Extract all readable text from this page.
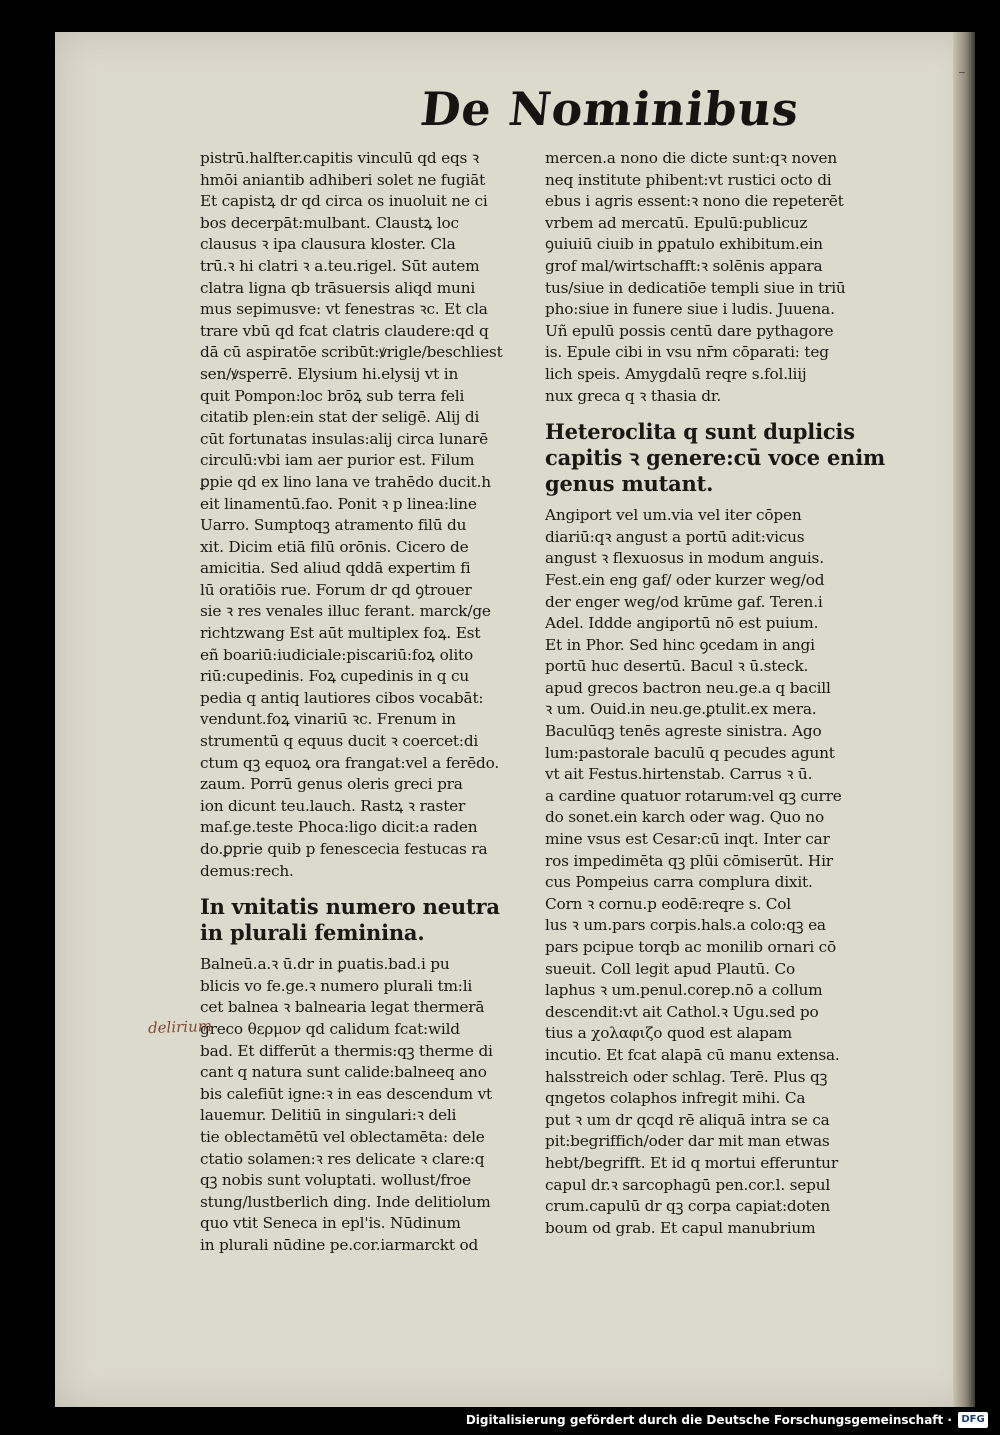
De Nominibus
pistrū.halfter.capitis vinculū qd eqs ꝛ
hmōi aniantib adhiberi solet ne fugiāt
Et capistꝝ dr qd circa os inuoluit ne ci
bos decerpāt:mulbant. Claustꝝ loc
clausus ꝛ ipa clausura kloster. Cla
trū.ꝛ hi clatri ꝛ a.teu.rigel. Sūt autem
clatra ligna qb trāsuersis aliqd muni
mus sepimusve: vt fenestras ꝛc. Et cla
trare vbū qd fcat clatris claudere:qd q
dā cū aspiratōe scribūt:ꝟrigle/beschliest
sen/ꝟsperrē. Elysium hi.elysij vt in
quit Pompon:loc brōꝝ sub terra feli
citatib plen:ein stat der seligē. Alij di
cūt fortunatas insulas:alij circa lunarē
circulū:vbi iam aer purior est. Filum
ꝑpie qd ex lino lana ve trahēdo ducit.h
eit linamentū.fao. Ponit ꝛ p linea:line
Uarro. Sumptoqꝫ atramento filū du
xit. Dicim etiā filū orōnis. Cicero de
amicitia. Sed aliud qddā expertim fi
lū oratiōis rue. Forum dr qd ꝯtrouer
sie ꝛ res venales illuc ferant. marck/ge
richtzwang Est aūt multiplex foꝝ. Est
eñ boariū:iudiciale:piscariū:foꝝ olito
riū:cupedinis. Foꝝ cupedinis in q cu
pedia q antiq lautiores cibos vocabāt:
vendunt.foꝝ vinariū ꝛc. Frenum in
strumentū q equus ducit ꝛ coercet:di
ctum qꝫ equoꝝ ora frangat:vel a ferēdo.
zaum. Porrū genus oleris greci pra
ion dicunt teu.lauch. Rastꝝ ꝛ raster
maf.ge.teste Phoca:ligo dicit:a raden
do.ꝑprie quib p fenescecia festucas ra
demus:rech.
In vnitatis numero neutra
in plurali feminina.
Balneū.a.ꝛ ū.dr in ꝑuatis.bad.i pu
blicis vo fe.ge.ꝛ numero plurali tm:li
cet balnea ꝛ balnearia legat thermerā
greco θερμον qd calidum fcat:wild
bad. Et differūt a thermis:qꝫ therme di
cant q natura sunt calide:balneeq ano
bis calefiūt igne:ꝛ in eas descendum vt
lauemur. Delitiū in singulari:ꝛ deli
tie oblectamētū vel oblectamēta: dele
ctatio solamen:ꝛ res delicate ꝛ clare:q
qꝫ nobis sunt voluptati. wollust/froe
stung/lustberlich ding. Inde delitiolum
quo vtit Seneca in epl'is. Nūdinum
in plurali nūdine pe.cor.iarmarckt od
mercen.a nono die dicte sunt:qꝛ noven
neq institute phibent:vt rustici octo di
ebus i agris essent:ꝛ nono die repeterēt
vrbem ad mercatū. Epulū:publicuz
ꝯuiuiū ciuib in ꝑpatulo exhibitum.ein
grof mal/wirtschafft:ꝛ solēnis appara
tus/siue in dedicatiōe templi siue in triū
pho:siue in funere siue i ludis. Juuena.
Uñ epulū possis centū dare pythagore
is. Epule cibi in vsu nr̄m cōparati: teg
lich speis. Amygdalū reqre s.fol.liij
nux greca q ꝛ thasia dr.
Heteroclita q sunt duplicis
capitis ꝛ genere:cū voce enim
genus mutant.
Angiport vel um.via vel iter cōpen
diariū:qꝛ angust a portū adit:vicus
angust ꝛ flexuosus in modum anguis.
Fest.ein eng gaf/ oder kurzer weg/od
der enger weg/od krūme gaf. Teren.i
Adel. Iddde angiportū nō est puium.
Et in Phor. Sed hinc ꝯcedam in angi
portū huc desertū. Bacul ꝛ ū.steck.
apud grecos bactron neu.ge.a q bacill
ꝛ um. Ouid.in neu.ge.ꝑtulit.ex mera.
Baculūqꝫ tenēs agreste sinistra. Ago
lum:pastorale baculū q pecudes agunt
vt ait Festus.hirtenstab. Carrus ꝛ ū.
a cardine quatuor rotarum:vel qꝫ curre
do sonet.ein karch oder wag. Quo no
mine vsus est Cesar:cū inqt. Inter car
ros impedimēta qꝫ plūi cōmiserūt. Hir
cus Pompeius carra complura dixit.
Corn ꝛ cornu.p eodē:reqre s. Col
lus ꝛ um.pars corpis.hals.a colo:qꝫ ea
pars pcipue torqb ac monilib ornari cō
sueuit. Coll legit apud Plautū. Co
laphus ꝛ um.penul.corep.nō a collum
descendit:vt ait Cathol.ꝛ Ugu.sed po
tius a χολαφιζο quod est alapam
incutio. Et fcat alapā cū manu extensa.
halsstreich oder schlag. Terē. Plus qꝫ
qngetos colaphos infregit mihi. Ca
put ꝛ um dr qcqd rē aliquā intra se ca
pit:begriffich/oder dar mit man etwas
hebt/begrifft. Et id q mortui efferuntur
capul dr.ꝛ sarcophagū pen.cor.l. sepul
crum.capulū dr qꝫ corpa capiat:doten
boum od grab. Et capul manubrium
delirium
Digitalisierung gefördert durch die Deutsche Forschungsgemeinschaft · DFG
